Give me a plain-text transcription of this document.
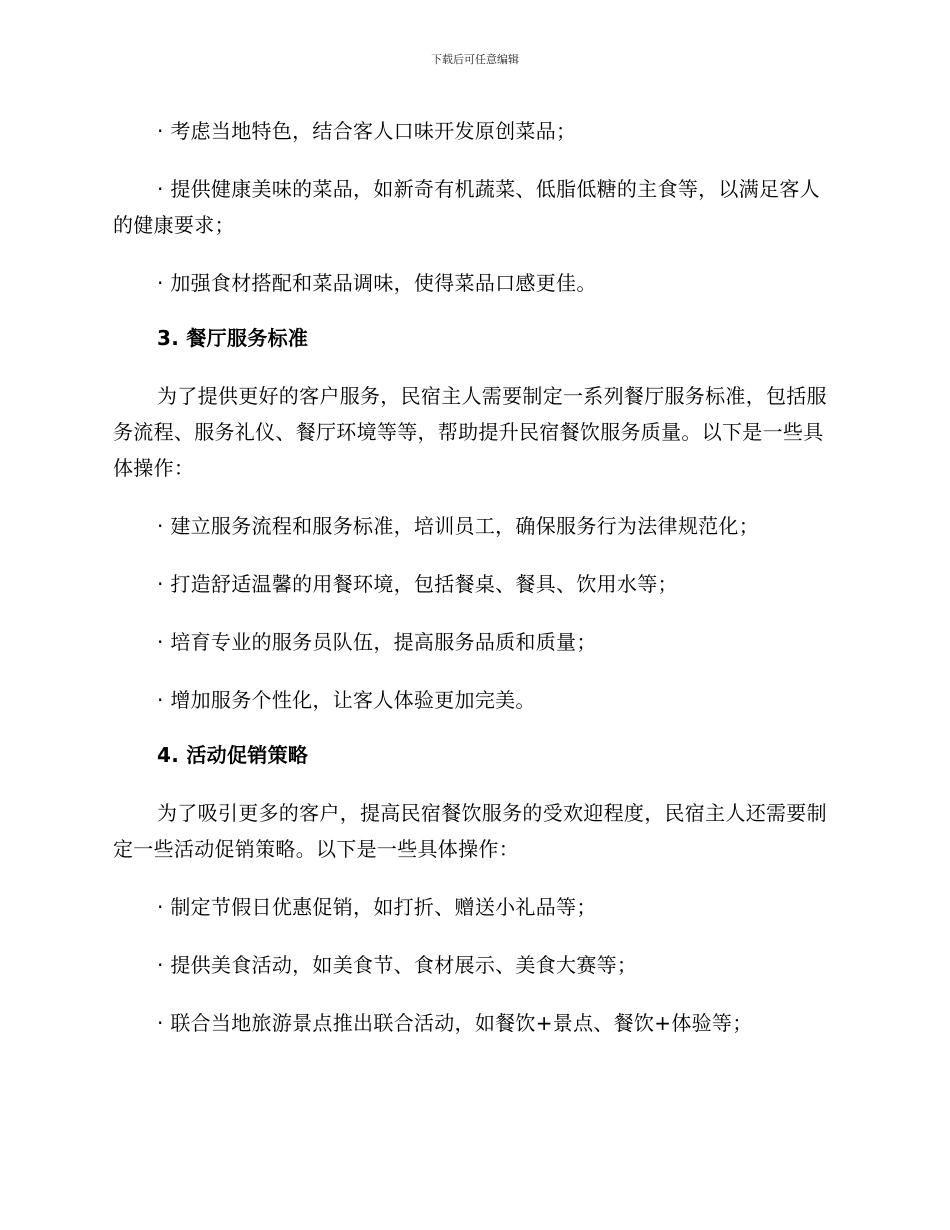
下载后可任意编辑

· 考虑当地特色，结合客人口味开发原创菜品；

· 提供健康美味的菜品，如新奇有机蔬菜、低脂低糖的主食等，以满足客人的健康要求；

· 加强食材搭配和菜品调味，使得菜品口感更佳。

3. 餐厅服务标准

为了提供更好的客户服务，民宿主人需要制定一系列餐厅服务标准，包括服务流程、服务礼仪、餐厅环境等等，帮助提升民宿餐饮服务质量。以下是一些具体操作：

· 建立服务流程和服务标准，培训员工，确保服务行为法律规范化；

· 打造舒适温馨的用餐环境，包括餐桌、餐具、饮用水等；

· 培育专业的服务员队伍，提高服务品质和质量；

· 增加服务个性化，让客人体验更加完美。

4. 活动促销策略

为了吸引更多的客户，提高民宿餐饮服务的受欢迎程度，民宿主人还需要制定一些活动促销策略。以下是一些具体操作：

· 制定节假日优惠促销，如打折、赠送小礼品等；

· 提供美食活动，如美食节、食材展示、美食大赛等；

· 联合当地旅游景点推出联合活动，如餐饮+景点、餐饮+体验等；
